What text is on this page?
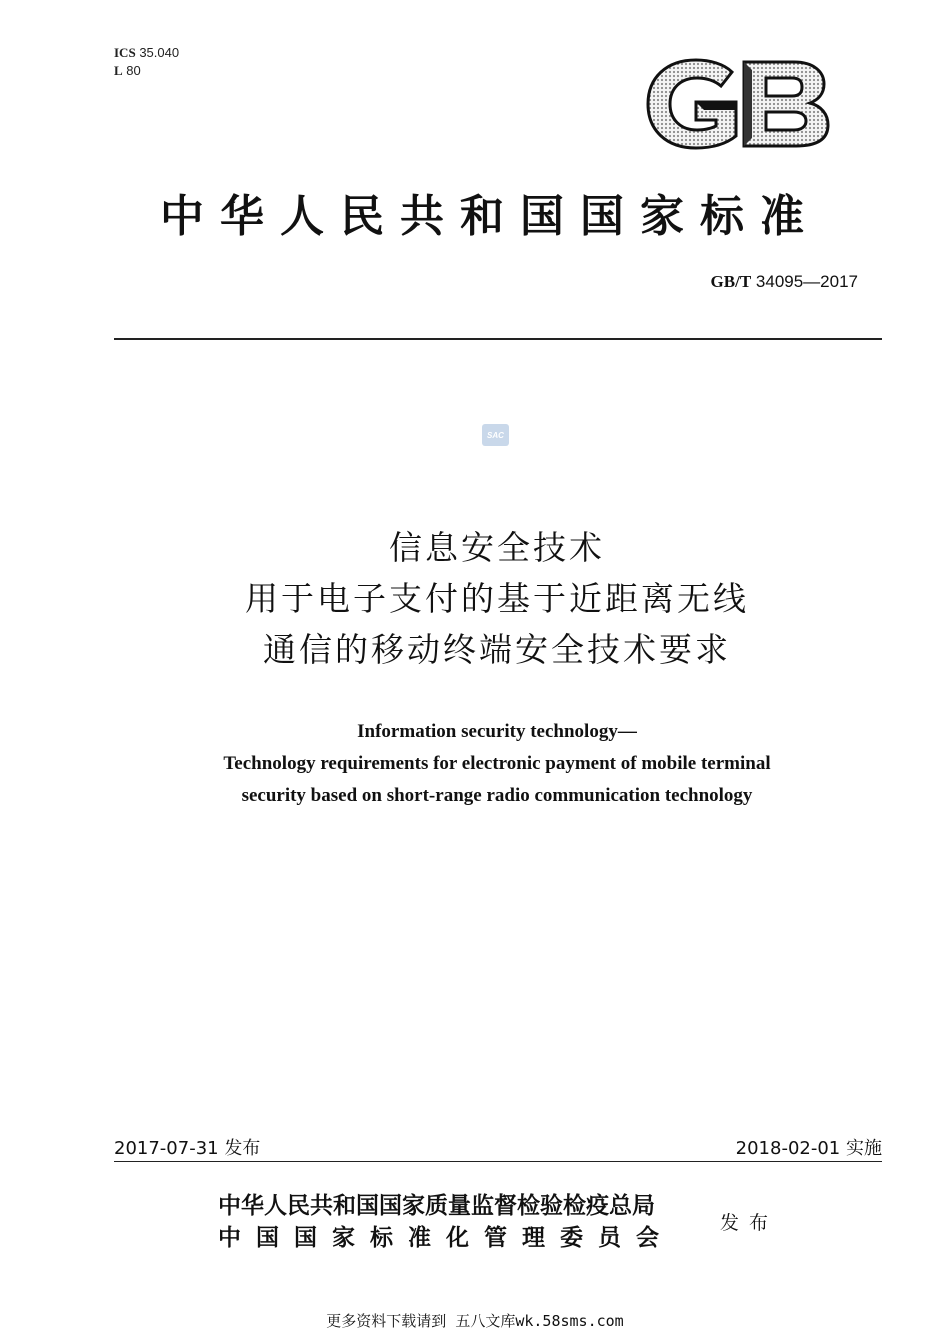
ICS 35.040
L 80
中华人民共和国国家标准
GB/T 34095—2017
SAC
信息安全技术
用于电子支付的基于近距离无线
通信的移动终端安全技术要求
Information security technology—
Technology requirements for electronic payment of mobile terminal
security based on short-range radio communication technology
2017-07-31 发布	2018-02-01 实施
中华人民共和国国家质量监督检验检疫总局
中国国家标准化管理委员会
发布
更多资料下载请到 五八文库wk.58sms.com
